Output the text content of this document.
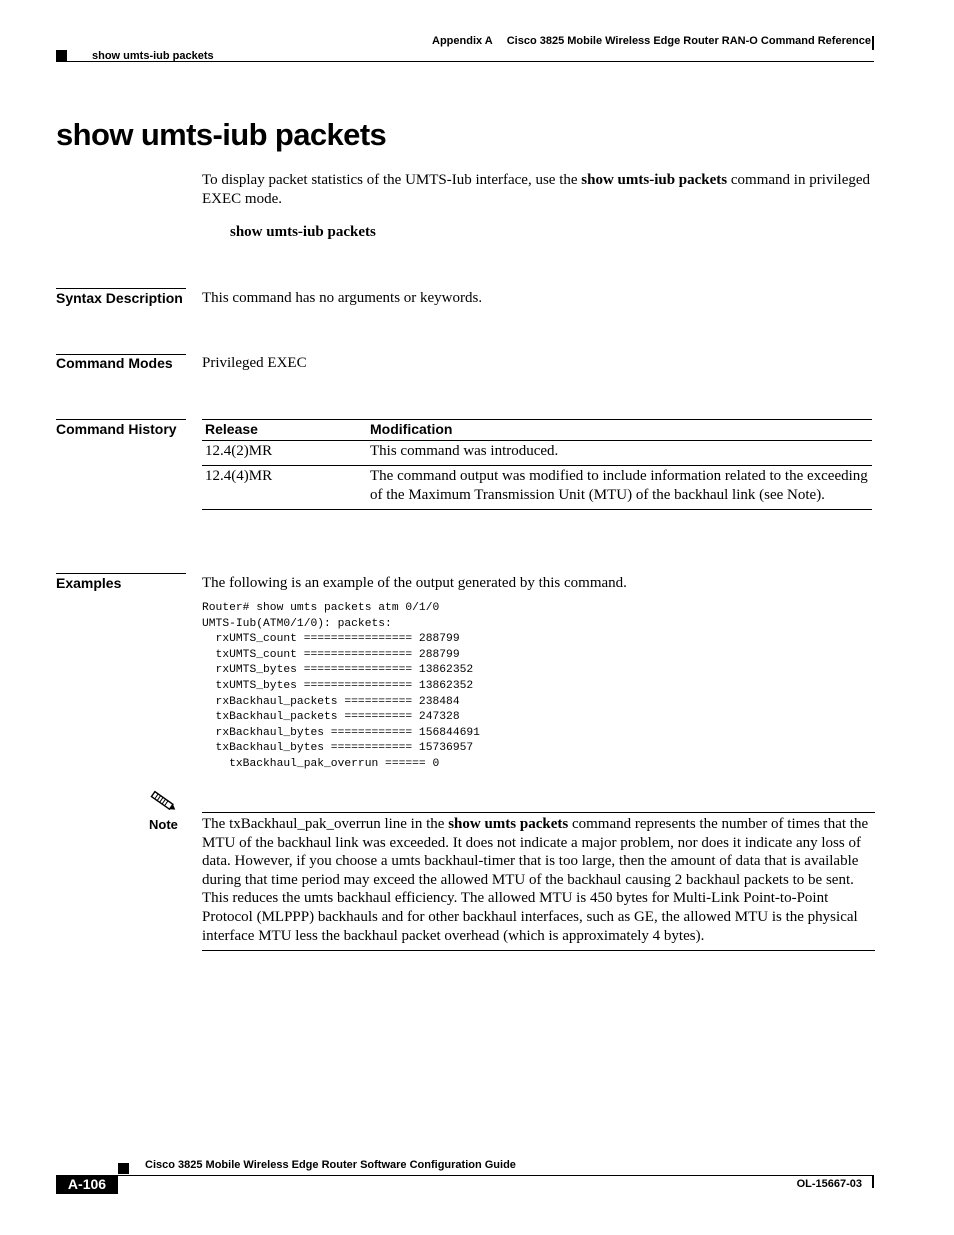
Appendix A Cisco 3825 Mobile Wireless Edge Router RAN-O Command Reference
show umts-iub packets
show umts-iub packets
To display packet statistics of the UMTS-Iub interface, use the show umts-iub packets command in privileged EXEC mode.
show umts-iub packets
Syntax Description This command has no arguments or keywords.
Command Modes Privileged EXEC
Command History Release	Modification
12.4(2)MR	This command was introduced.
12.4(4)MR	The command output was modified to include information related to the exceeding of the Maximum Transmission Unit (MTU) of the backhaul link (see Note).
Examples	The following is an example of the output generated by this command.
Router# show umts packets atm 0/1/0
UMTS-Iub(ATM0/1/0): packets:
rxUMTS_count ================ 288799
txUMTS_count ================ 288799
rxUMTS_bytes ================ 13862352
txUMTS_bytes ================ 13862352
rxBackhaul_packets ========== 238484
txBackhaul_packets ========== 247328
rxBackhaul_bytes ============ 156844691
txBackhaul_bytes ============ 15736957
txBackhaul_pak_overrun ====== 0
Note The txBackhaul_pak_overrun line in the show umts packets command represents the number of times that the MTU of the backhaul link was exceeded. It does not indicate a major problem, nor does it indicate any loss of data. However, if you choose a umts backhaul-timer that is too large, then the amount of data that is available during that time period may exceed the allowed MTU of the backhaul causing 2 backhaul packets to be sent. This reduces the umts backhaul efficiency. The allowed MTU is 450 bytes for Multi-Link Point-to-Point Protocol (MLPPP) backhauls and for other backhaul interfaces, such as GE, the allowed MTU is the physical interface MTU less the backhaul packet overhead (which is approximately 4 bytes).
Cisco 3825 Mobile Wireless Edge Router Software Configuration Guide
A-106	OL-15667-03
